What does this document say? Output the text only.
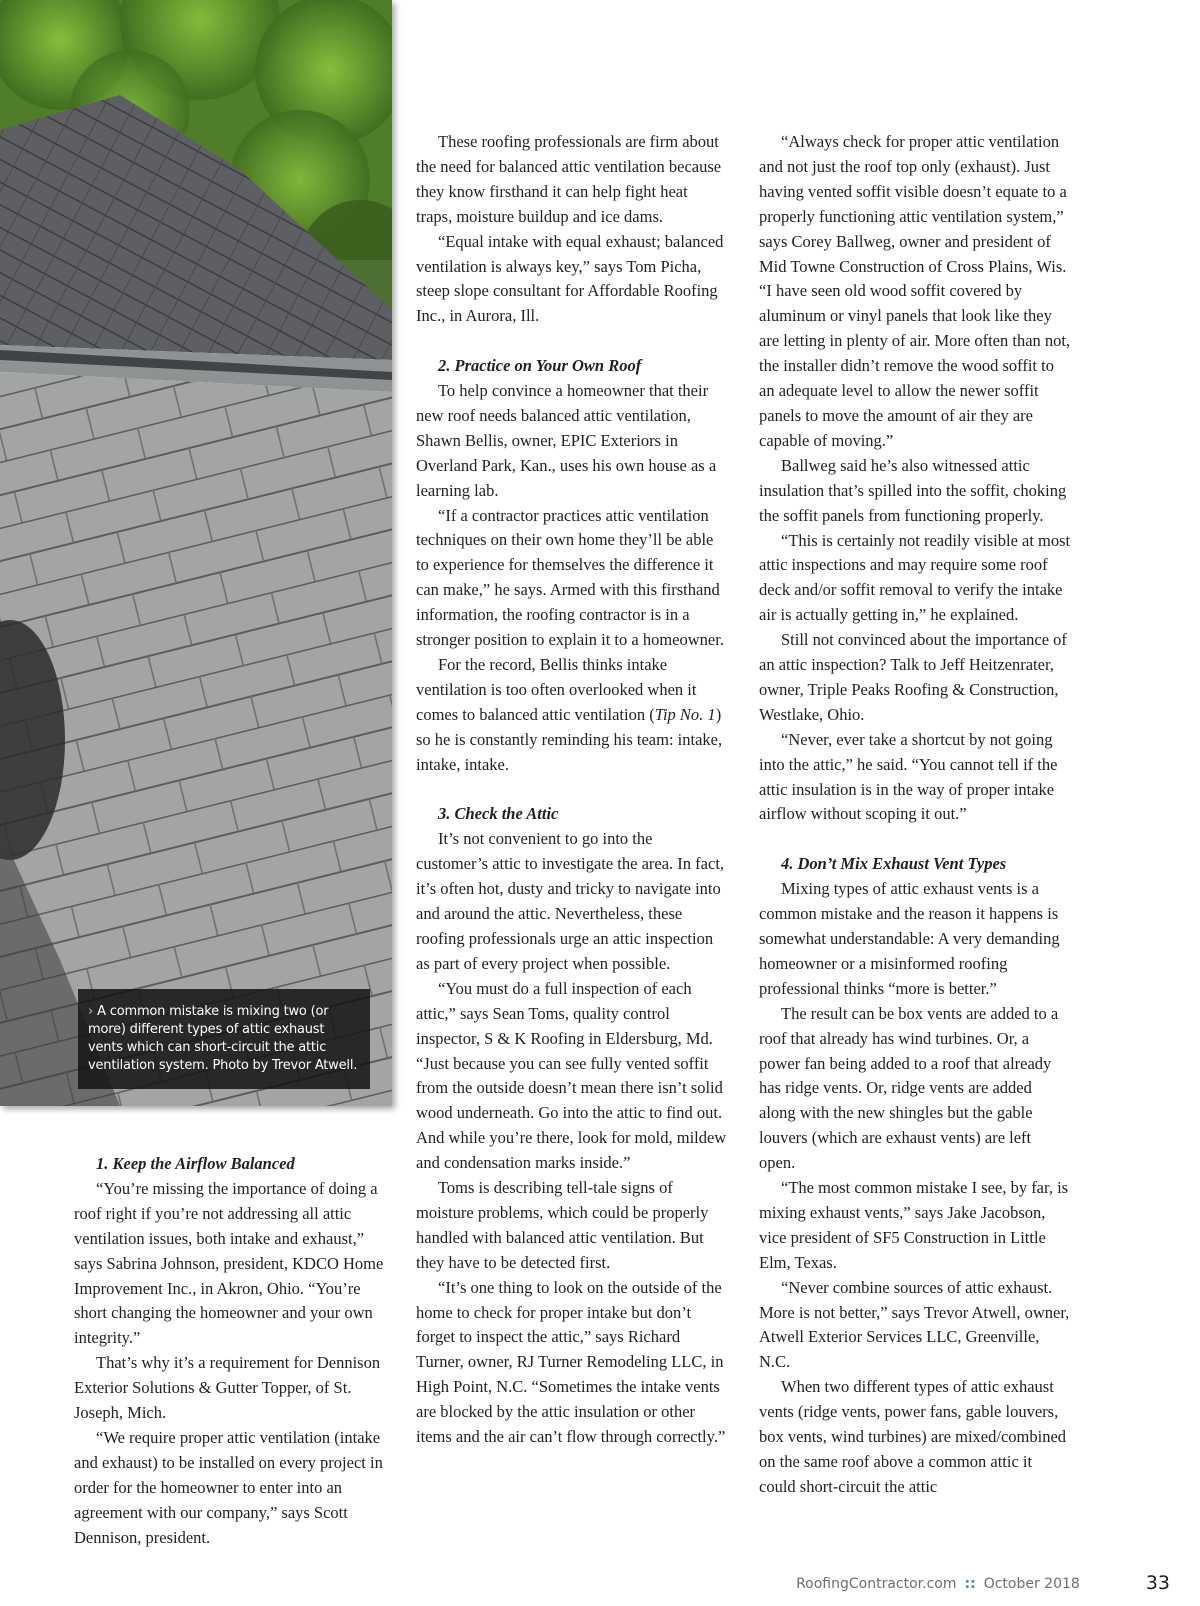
› A common mistake is mixing two (or more) different types of attic exhaust vents which can short-circuit the attic ventilation system. Photo by Trevor Atwell.
1. Keep the Airflow Balanced

“You’re missing the importance of doing a roof right if you’re not addressing all attic ventilation issues, both intake and exhaust,” says Sabrina Johnson, president, KDCO Home Improvement Inc., in Akron, Ohio. “You’re short changing the homeowner and your own integrity.”

That’s why it’s a requirement for Dennison Exterior Solutions & Gutter Topper, of St. Joseph, Mich.

“We require proper attic ventilation (intake and exhaust) to be installed on every project in order for the homeowner to enter into an agreement with our company,” says Scott Dennison, president.

These roofing professionals are firm about the need for balanced attic ventilation because they know firsthand it can help fight heat traps, moisture buildup and ice dams.

“Equal intake with equal exhaust; balanced ventilation is always key,” says Tom Picha, steep slope consultant for Affordable Roofing Inc., in Aurora, Ill.

2. Practice on Your Own Roof

To help convince a homeowner that their new roof needs balanced attic ventilation, Shawn Bellis, owner, EPIC Exteriors in Overland Park, Kan., uses his own house as a learning lab.

“If a contractor practices attic ventilation techniques on their own home they’ll be able to experience for themselves the difference it can make,” he says. Armed with this firsthand information, the roofing contractor is in a stronger position to explain it to a homeowner.

For the record, Bellis thinks intake ventilation is too often overlooked when it comes to balanced attic ventilation (Tip No. 1) so he is constantly reminding his team: intake, intake, intake.

3. Check the Attic

It’s not convenient to go into the customer’s attic to investigate the area. In fact, it’s often hot, dusty and tricky to navigate into and around the attic. Nevertheless, these roofing professionals urge an attic inspection as part of every project when possible.

“You must do a full inspection of each attic,” says Sean Toms, quality control inspector, S & K Roofing in Eldersburg, Md. “Just because you can see fully vented soffit from the outside doesn’t mean there isn’t solid wood underneath. Go into the attic to find out. And while you’re there, look for mold, mildew and condensation marks inside.”

Toms is describing tell-tale signs of moisture problems, which could be properly handled with balanced attic ventilation. But they have to be detected first.

“It’s one thing to look on the outside of the home to check for proper intake but don’t forget to inspect the attic,” says Richard Turner, owner, RJ Turner Remodeling LLC, in High Point, N.C. “Sometimes the intake vents are blocked by the attic insulation or other items and the air can’t flow through correctly.”

“Always check for proper attic ventilation and not just the roof top only (exhaust). Just having vented soffit visible doesn’t equate to a properly functioning attic ventilation system,” says Corey Ballweg, owner and president of Mid Towne Construction of Cross Plains, Wis. “I have seen old wood soffit covered by aluminum or vinyl panels that look like they are letting in plenty of air. More often than not, the installer didn’t remove the wood soffit to an adequate level to allow the newer soffit panels to move the amount of air they are capable of moving.”

Ballweg said he’s also witnessed attic insulation that’s spilled into the soffit, choking the soffit panels from functioning properly.

“This is certainly not readily visible at most attic inspections and may require some roof deck and/or soffit removal to verify the intake air is actually getting in,” he explained.

Still not convinced about the importance of an attic inspection? Talk to Jeff Heitzenrater, owner, Triple Peaks Roofing & Construction, Westlake, Ohio.

“Never, ever take a shortcut by not going into the attic,” he said. “You cannot tell if the attic insulation is in the way of proper intake airflow without scoping it out.”

4. Don’t Mix Exhaust Vent Types

Mixing types of attic exhaust vents is a common mistake and the reason it happens is somewhat understandable: A very demanding homeowner or a misinformed roofing professional thinks “more is better.”

The result can be box vents are added to a roof that already has wind turbines. Or, a power fan being added to a roof that already has ridge vents. Or, ridge vents are added along with the new shingles but the gable louvers (which are exhaust vents) are left open.

“The most common mistake I see, by far, is mixing exhaust vents,” says Jake Jacobson, vice president of SF5 Construction in Little Elm, Texas.

“Never combine sources of attic exhaust. More is not better,” says Trevor Atwell, owner, Atwell Exterior Services LLC, Greenville, N.C.

When two different types of attic exhaust vents (ridge vents, power fans, gable louvers, box vents, wind turbines) are mixed/combined on the same roof above a common attic it could short-circuit the attic

RoofingContractor.com :: October 2018	33
